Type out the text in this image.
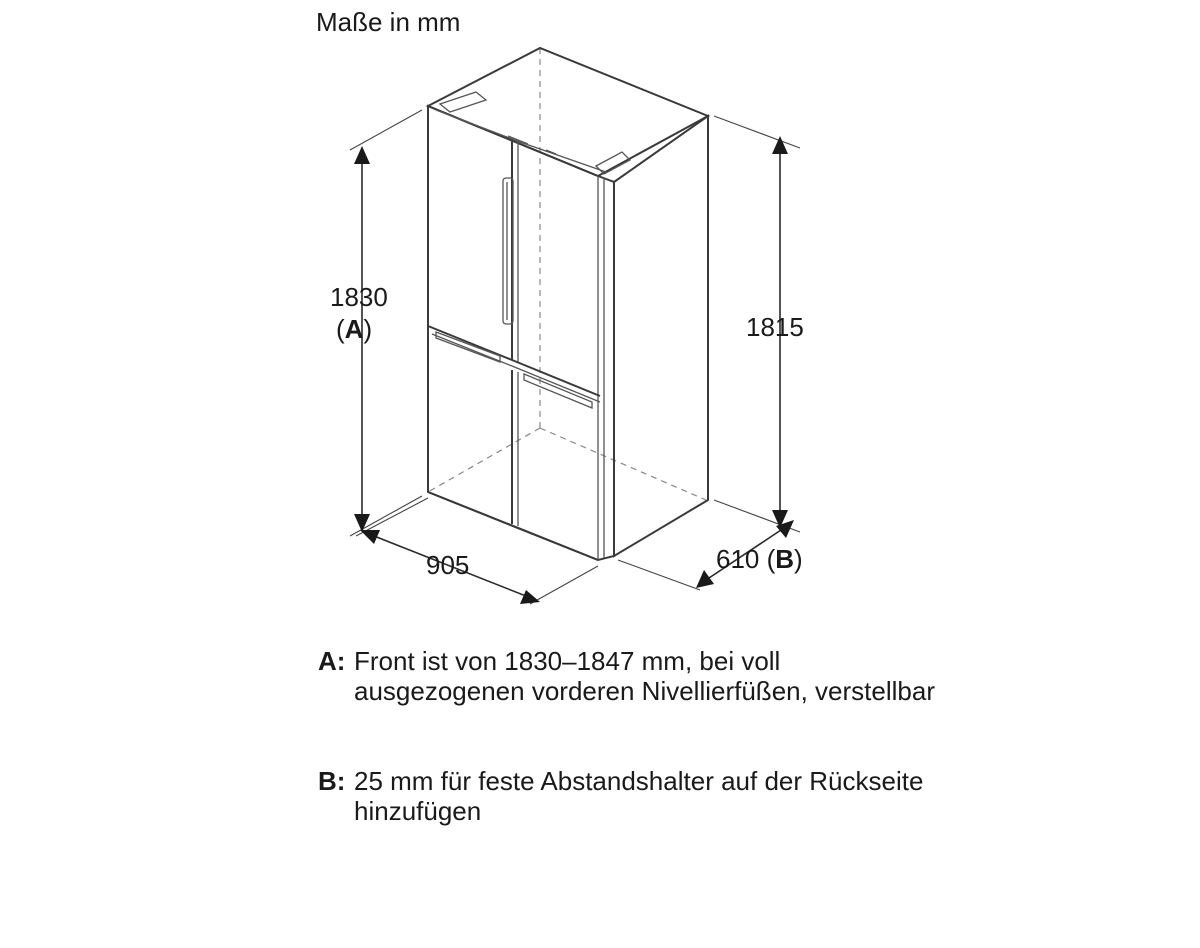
Maße in mm
1830
(A)	1815
905	610 (B)
A: Front ist von 1830–1847 mm, bei voll ausgezogenen vorderen Nivellierfüßen, verstellbar
B: 25 mm für feste Abstandshalter auf der Rückseite hinzufügen
